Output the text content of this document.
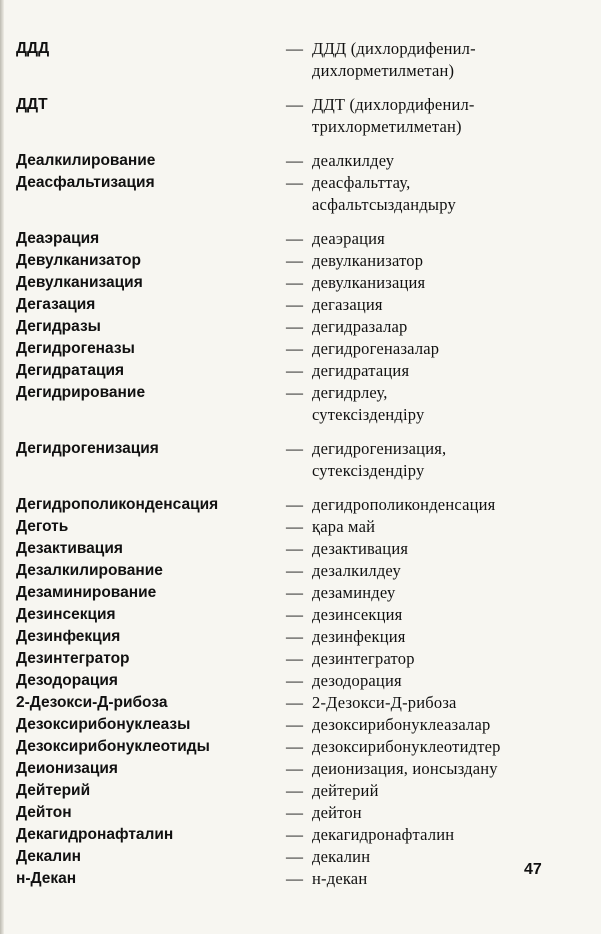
ДДД	— ДДД (дихлордифенил-
дихлорметилметан)
ДДТ	— ДДТ (дихлордифенил-
трихлорметилметан)
Деалкилирование	— деалкилдеу
Деасфальтизация	— деасфальттау,
асфальтсыздандыру
Деаэрация	— деаэрация
Девулканизатор	— девулканизатор
Девулканизация	— девулканизация
Дегазация	— дегазация
Дегидразы	— дегидразалар
Дегидрогеназы	— дегидрогеназалар
Дегидратация	— дегидратация
Дегидрирование	— дегидрлеу,
сутексіздендіру
Дегидрогенизация	— дегидрогенизация,
сутексіздендіру
Дегидрополиконденсация	— дегидрополиконденсация
Деготь	— қара май
Дезактивация	— дезактивация
Дезалкилирование	— дезалкилдеу
Дезаминирование	— дезаминдеу
Дезинсекция	— дезинсекция
Дезинфекция	— дезинфекция
Дезинтегратор	— дезинтегратор
Дезодорация	— дезодорация
2-Дезокси-Д-рибоза	— 2-Дезокси-Д-рибоза
Дезоксирибонуклеазы	— дезоксирибонуклеазалар
Дезоксирибонуклеотиды	— дезоксирибонуклеотидтер
Деионизация	— деионизация, ионсыздану
Дейтерий	— дейтерий
Дейтон	— дейтон
Декагидронафталин	— декагидронафталин
Декалин	— декалин
н-Декан	— н-декан	47
